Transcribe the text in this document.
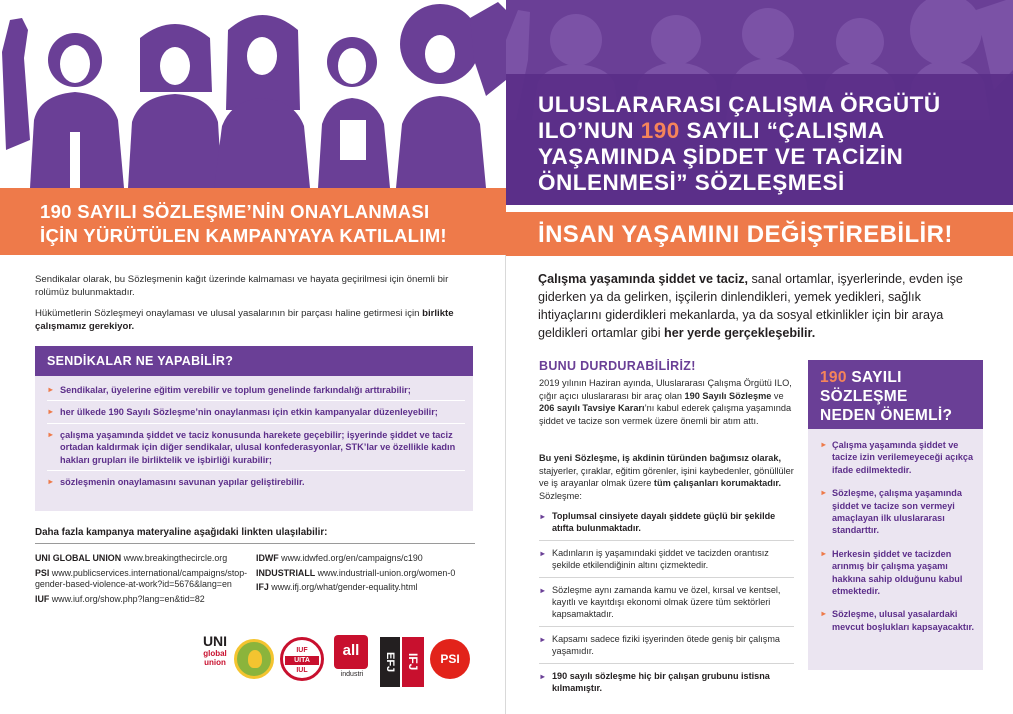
190 SAYILI SÖZLEŞME’NİN ONAYLANMASI
İÇİN YÜRÜTÜLEN KAMPANYAYA KATILALIM!

Sendikalar olarak, bu Sözleşmenin kağıt üzerinde kalmaması ve hayata geçirilmesi için önemli bir rolümüz bulunmaktadır.

Hükümetlerin Sözleşmeyi onaylaması ve ulusal yasalarının bir parçası haline getirmesi için birlikte çalışmamız gerekiyor.

SENDİKALAR NE YAPABİLİR?
► Sendikalar, üyelerine eğitim verebilir ve toplum genelinde farkındalığı arttırabilir;
► her ülkede 190 Sayılı Sözleşme’nin onaylanması için etkin kampanyalar düzenleyebilir;
► çalışma yaşamında şiddet ve taciz konusunda harekete geçebilir; işyerinde şiddet ve taciz ortadan kaldırmak için diğer sendikalar, ulusal konfederasyonlar, STK’lar ve özellikle kadın hakları grupları ile birliktelik ve işbirliği kurabilir;
► sözleşmenin onaylamasını savunan yapılar geliştirebilir.
Daha fazla kampanya materyaline aşağıdaki linkten ulaşılabilir:
UNI GLOBAL UNION www.breakingthecircle.org
PSI www.publicservices.international/campaigns/stop-gender-based-violence-at-work?id=5676&lang=en
IUF www.iuf.org/show.php?lang=en&tid=82
IDWF www.idwfed.org/en/campaigns/c190
INDUSTRIALL www.industriall-union.org/women-0
IFJ www.ifj.org/what/gender-equality.html
UNI
global
union
IUF
UITA
IUL
all
industri
EFJ IFJ	PSI
ULUSLARARASI ÇALIŞMA ÖRGÜTÜ
ILO’NUN 190 SAYILI “ÇALIŞMA
YAŞAMINDA ŞİDDET VE TACİZİN
ÖNLENMESİ” SÖZLEŞMESİ
İNSAN YAŞAMINI DEĞİŞTİREBİLİR!

Çalışma yaşamında şiddet ve taciz, sanal ortamlar, işyerlerinde, evden işe giderken ya da gelirken, işçilerin dinlendikleri, yemek yedikleri, sağlık ihtiyaçlarını giderdikleri mekanlarda, ya da sosyal etkinlikler için bir araya geldikleri ortamlar gibi her yerde gerçekleşebilir.

BUNU DURDURABİLİRİZ!

2019 yılının Haziran ayında, Uluslararası Çalışma Örgütü ILO, çığır açıcı uluslararası bir araç olan 190 Sayılı Sözleşme ve 206 sayılı Tavsiye Kararı’nı kabul ederek çalışma yaşamında şiddet ve tacize son vermek üzere önemli bir atım attı.

Bu yeni Sözleşme, iş akdinin türünden bağımsız olarak, stajyerler, çıraklar, eğitim görenler, işini kaybedenler, gönüllüler ve iş arayanlar olmak üzere tüm çalışanları korumaktadır. Sözleşme:

► Toplumsal cinsiyete dayalı şiddete güçlü bir şekilde atıfta bulunmaktadır.
► Kadınların iş yaşamındaki şiddet ve tacizden orantısız şekilde etkilendiğinin altını çizmektedir.
► Sözleşme aynı zamanda kamu ve özel, kırsal ve kentsel, kayıtlı ve kayıtdışı ekonomi olmak üzere tüm sektörleri kapsamaktadır.
► Kapsamı sadece fiziki işyerinden ötede geniş bir çalışma yaşamıdır.
► 190 sayılı sözleşme hiç bir çalışan grubunu istisna kılmamıştır.
190 SAYILI
SÖZLEŞME
NEDEN ÖNEMLİ?
► Çalışma yaşamında şiddet ve tacize izin verilemeyeceği açıkça ifade edilmektedir.
► Sözleşme, çalışma yaşamında şiddet ve tacize son vermeyi amaçlayan ilk uluslararası standarttır.
► Herkesin şiddet ve tacizden arınmış bir çalışma yaşamı hakkına sahip olduğunu kabul etmektedir.
► Sözleşme, ulusal yasalardaki mevcut boşlukları kapsayacaktır.
